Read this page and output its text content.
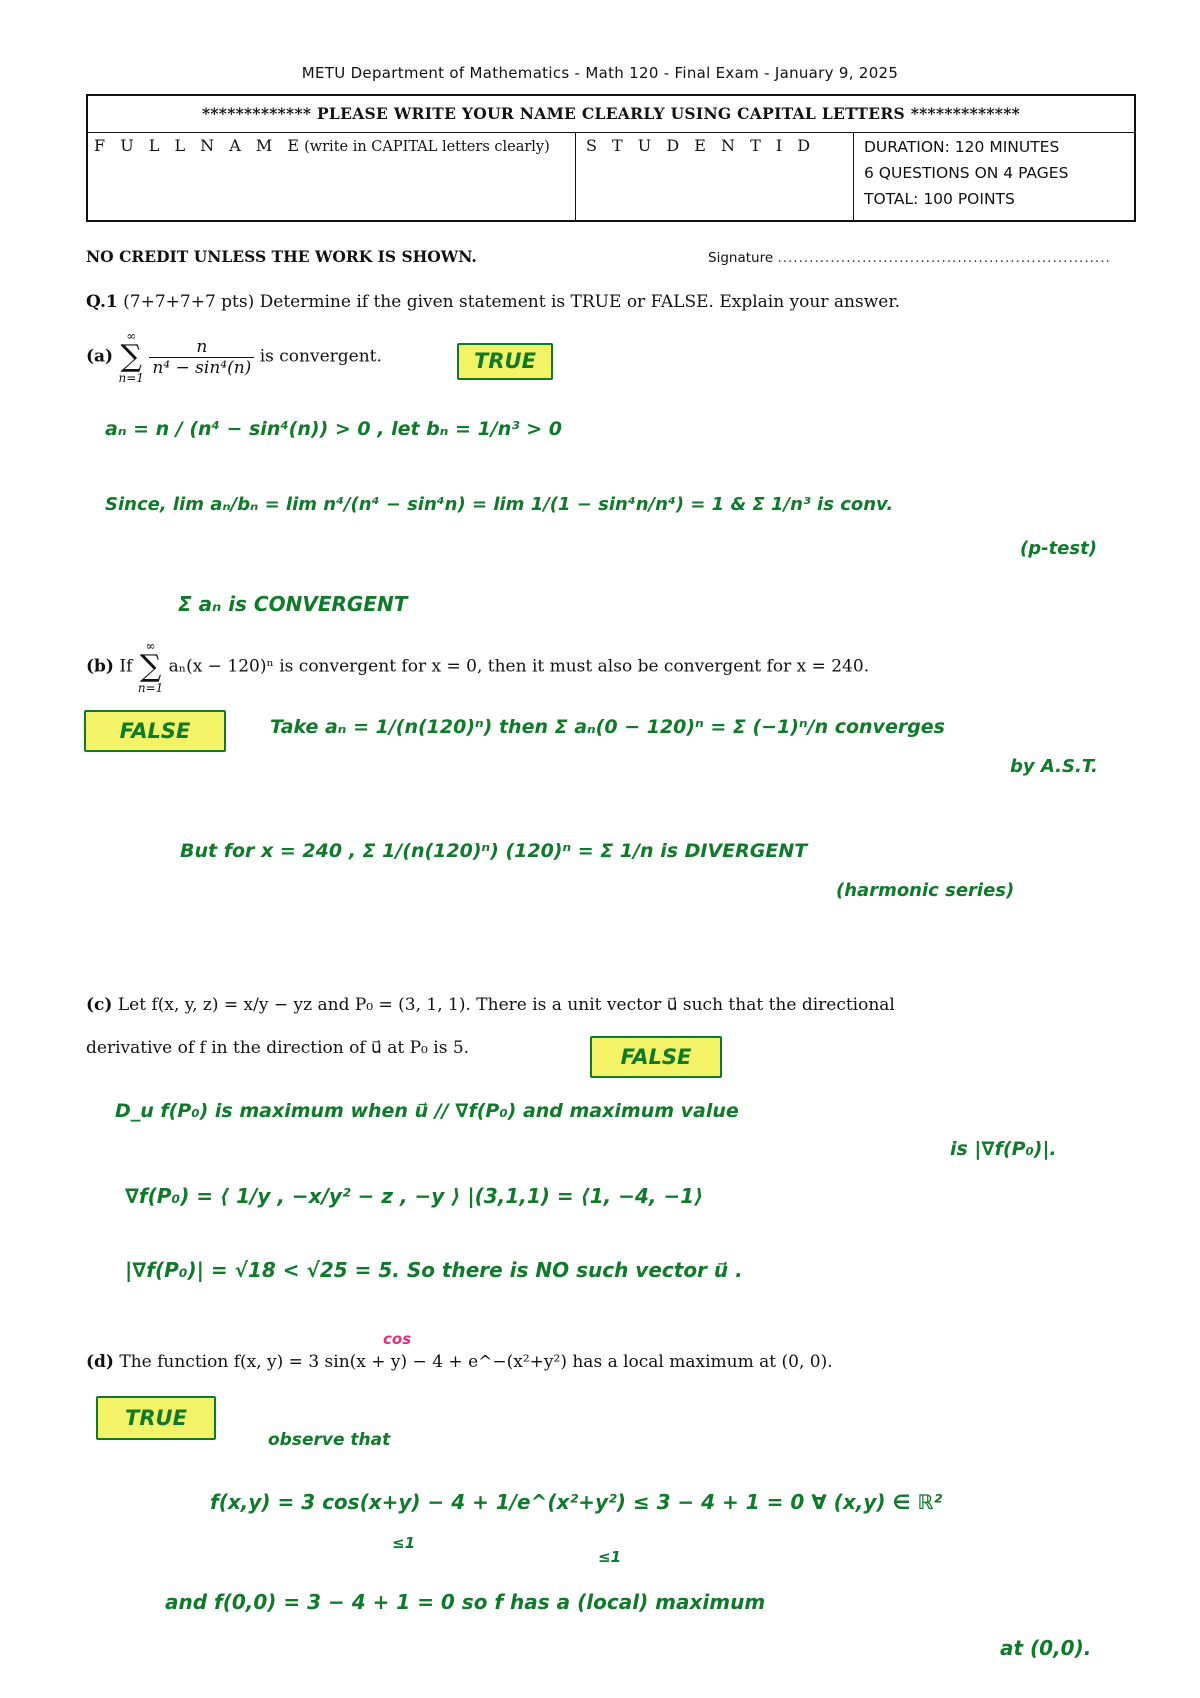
METU Department of Mathematics - Math 120 - Final Exam - January 9, 2025
************* PLEASE WRITE YOUR NAME CLEARLY USING CAPITAL LETTERS *************
F U L L N A M E(write in CAPITAL letters clearly)	S T U D E N T I D	DURATION: 120 MINUTES
6 QUESTIONS ON 4 PAGES
TOTAL: 100 POINTS
NO CREDIT UNLESS THE WORK IS SHOWN.	Signature ...............................................................
Q.1 (7+7+7+7 pts) Determine if the given statement is TRUE or FALSE. Explain your answer.
(a)
∞
∑
n=1

$\frac{n}{\text{n⁴ − sin⁴(n)}}$ is convergent.	TRUE
aₙ = n / (n⁴ − sin⁴(n)) > 0 , let bₙ = 1/n³ > 0
Since, lim aₙ/bₙ = lim n⁴/(n⁴ − sin⁴n) = lim 1/(1 − sin⁴n/n⁴) = 1 & Σ 1/n³ is conv.
(p-test)
Σ aₙ is CONVERGENT
(b) If
∞
∑
n=1
aₙ(x − 120)ⁿ is convergent for x = 0, then it must also be convergent for x = 240.
FALSE	Take aₙ = 1/(n(120)ⁿ) then Σ aₙ(0 − 120)ⁿ = Σ (−1)ⁿ/n converges
by A.S.T.
But for x = 240 , Σ 1/(n(120)ⁿ) (120)ⁿ = Σ 1/n is DIVERGENT
(harmonic series)
(c) Let f(x, y, z) = x/y − yz and P₀ = (3, 1, 1). There is a unit vector u⃗ such that the directional
derivative of f in the direction of u⃗ at P₀ is 5.	FALSE
D_u f(P₀) is maximum when u⃗ // ∇f(P₀) and maximum value
is |∇f(P₀)|.
∇f(P₀) = ⟨ 1/y , −x/y² − z , −y ⟩ |(3,1,1) = ⟨1, −4, −1⟩
|∇f(P₀)| = √18 < √25 = 5. So there is NO such vector u⃗ .
(d) The function f(x, y) = 3 sin(x + y) − 4 + e^−(x²+y²) has a local maximum at (0, 0).
cos
TRUE
observe that
f(x,y) = 3 cos(x+y) − 4 + 1/e^(x²+y²) ≤ 3 − 4 + 1 = 0 ∀ (x,y) ∈ ℝ²
≤1
≤1
and f(0,0) = 3 − 4 + 1 = 0 so f has a (local) maximum
at (0,0).
